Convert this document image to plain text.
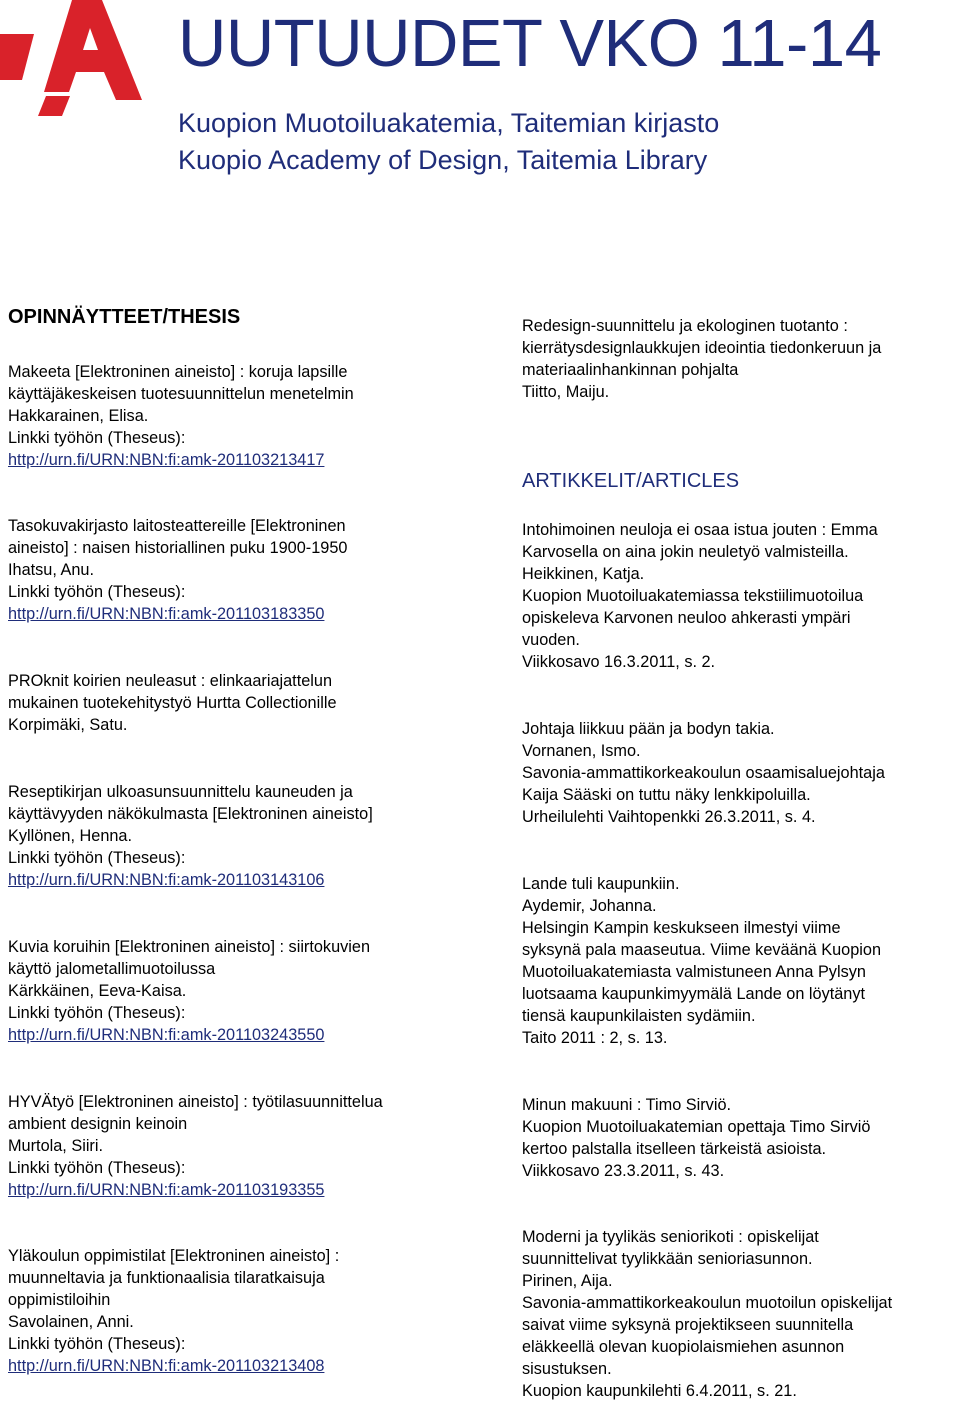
UUTUUDET VKO 11-14
Kuopion Muotoiluakatemia, Taitemian kirjasto
Kuopio Academy of Design, Taitemia Library
OPINNÄYTTEET/THESIS
Makeeta [Elektroninen aineisto] : koruja lapsille
käyttäjäkeskeisen tuotesuunnittelun menetelmin
Hakkarainen, Elisa.
Linkki työhön (Theseus):
http://urn.fi/URN:NBN:fi:amk-201103213417
Tasokuvakirjasto laitosteattereille [Elektroninen
aineisto] : naisen historiallinen puku 1900-1950
Ihatsu, Anu.
Linkki työhön (Theseus):
http://urn.fi/URN:NBN:fi:amk-201103183350
PROknit koirien neuleasut : elinkaariajattelun
mukainen tuotekehitystyö Hurtta Collectionille
Korpimäki, Satu.
Reseptikirjan ulkoasunsuunnittelu kauneuden ja
käyttävyyden näkökulmasta [Elektroninen aineisto]
Kyllönen, Henna.
Linkki työhön (Theseus):
http://urn.fi/URN:NBN:fi:amk-201103143106
Kuvia koruihin [Elektroninen aineisto] : siirtokuvien
käyttö jalometallimuotoilussa
Kärkkäinen, Eeva-Kaisa.
Linkki työhön (Theseus):
http://urn.fi/URN:NBN:fi:amk-201103243550
HYVÄtyö [Elektroninen aineisto] : työtilasuunnittelua
ambient designin keinoin
Murtola, Siiri.
Linkki työhön (Theseus):
http://urn.fi/URN:NBN:fi:amk-201103193355
Yläkoulun oppimistilat [Elektroninen aineisto] :
muunneltavia ja funktionaalisia tilaratkaisuja
oppimistiloihin
Savolainen, Anni.
Linkki työhön (Theseus):
http://urn.fi/URN:NBN:fi:amk-201103213408
Redesign-suunnittelu ja ekologinen tuotanto :
kierrätysdesignlaukkujen ideointia tiedonkeruun ja
materiaalinhankinnan pohjalta
Tiitto, Maiju.
ARTIKKELIT/ARTICLES
Intohimoinen neuloja ei osaa istua jouten : Emma
Karvosella on aina jokin neuletyö valmisteilla.
Heikkinen, Katja.
Kuopion Muotoiluakatemiassa tekstiilimuotoilua
opiskeleva Karvonen neuloo ahkerasti ympäri
vuoden.
Viikkosavo 16.3.2011, s. 2.
Johtaja liikkuu pään ja bodyn takia.
Vornanen, Ismo.
Savonia-ammattikorkeakoulun osaamisaluejohtaja
Kaija Sääski on tuttu näky lenkkipoluilla.
Urheilulehti Vaihtopenkki 26.3.2011, s. 4.
Lande tuli kaupunkiin.
Aydemir, Johanna.
Helsingin Kampin keskukseen ilmestyi viime
syksynä pala maaseutua. Viime keväänä Kuopion
Muotoiluakatemiasta valmistuneen Anna Pylsyn
luotsaama kaupunkimyymälä Lande on löytänyt
tiensä kaupunkilaisten sydämiin.
Taito 2011 : 2, s. 13.
Minun makuuni : Timo Sirviö.
Kuopion Muotoiluakatemian opettaja Timo Sirviö
kertoo palstalla itselleen tärkeistä asioista.
Viikkosavo 23.3.2011, s. 43.
Moderni ja tyylikäs seniorikoti : opiskelijat
suunnittelivat tyylikkään senioriasunnon.
Pirinen, Aija.
Savonia-ammattikorkeakoulun muotoilun opiskelijat
saivat viime syksynä projektikseen suunnitella
eläkkeellä olevan kuopiolaismiehen asunnon
sisustuksen.
Kuopion kaupunkilehti 6.4.2011, s. 21.
